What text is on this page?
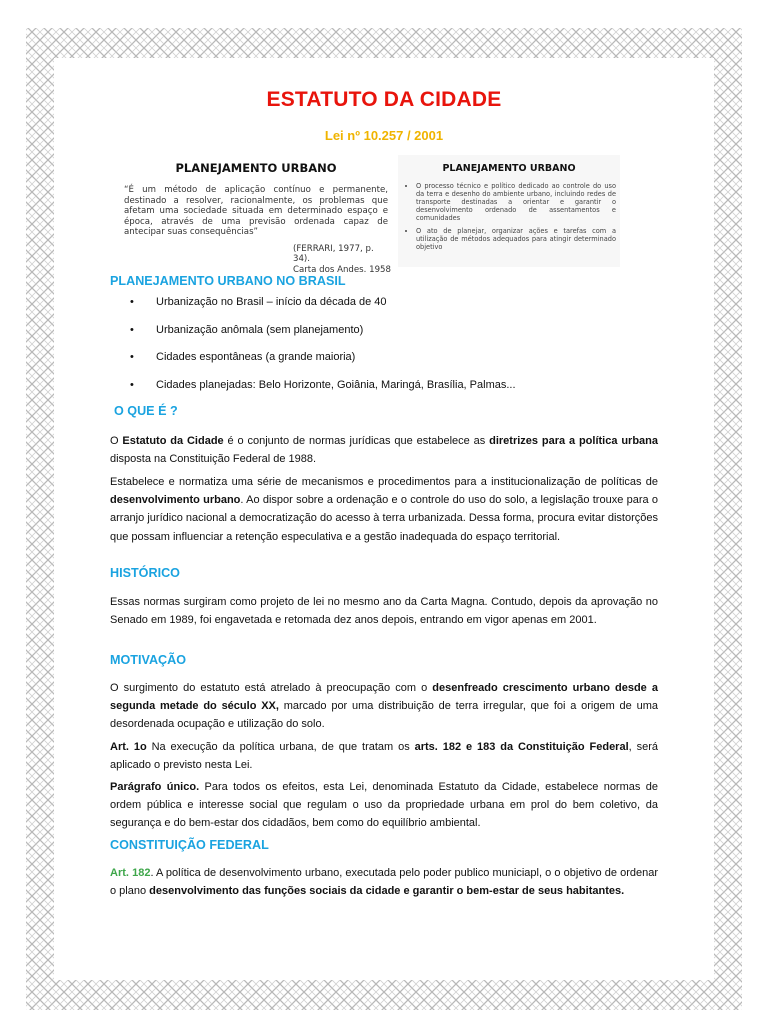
ESTATUTO DA CIDADE
Lei nº 10.257 / 2001
PLANEJAMENTO URBANO
“É um método de aplicação contínuo e permanente, destinado a resolver, racionalmente, os problemas que afetam uma sociedade situada em determinado espaço e época, através de uma previsão ordenada capaz de antecipar suas consequências”
(FERRARI, 1977, p. 34).
Carta dos Andes. 1958
PLANEJAMENTO URBANO
• O processo técnico e político dedicado ao controle do uso da terra e desenho do ambiente urbano, incluindo redes de transporte destinadas a orientar e garantir o desenvolvimento ordenado de assentamentos e comunidades
• O ato de planejar, organizar ações e tarefas com a utilização de métodos adequados para atingir determinado objetivo
PLANEJAMENTO URBANO NO BRASIL
• Urbanização no Brasil – início da década de 40
• Urbanização anômala (sem planejamento)
• Cidades espontâneas (a grande maioria)
• Cidades planejadas: Belo Horizonte, Goiânia, Maringá, Brasília, Palmas...
O QUE É ?

O Estatuto da Cidade é o conjunto de normas jurídicas que estabelece as diretrizes para a política urbana disposta na Constituição Federal de 1988.

Estabelece e normatiza uma série de mecanismos e procedimentos para a institucionalização de políticas de desenvolvimento urbano. Ao dispor sobre a ordenação e o controle do uso do solo, a legislação trouxe para o arranjo jurídico nacional a democratização do acesso à terra urbanizada. Dessa forma, procura evitar distorções que possam influenciar a retenção especulativa e a gestão inadequada do espaço territorial.

HISTÓRICO

Essas normas surgiram como projeto de lei no mesmo ano da Carta Magna. Contudo, depois da aprovação no Senado em 1989, foi engavetada e retomada dez anos depois, entrando em vigor apenas em 2001.

MOTIVAÇÃO

O surgimento do estatuto está atrelado à preocupação com o desenfreado crescimento urbano desde a segunda metade do século XX, marcado por uma distribuição de terra irregular, que foi a origem de uma desordenada ocupação e utilização do solo.

Art. 1o Na execução da política urbana, de que tratam os arts. 182 e 183 da Constituição Federal, será aplicado o previsto nesta Lei.

Parágrafo único. Para todos os efeitos, esta Lei, denominada Estatuto da Cidade, estabelece normas de ordem pública e interesse social que regulam o uso da propriedade urbana em prol do bem coletivo, da segurança e do bem-estar dos cidadãos, bem como do equilíbrio ambiental.

CONSTITUIÇÃO FEDERAL

Art. 182. A política de desenvolvimento urbano, executada pelo poder publico municiapl, o o objetivo de ordenar o plano desenvolvimento das funções sociais da cidade e garantir o bem-estar de seus habitantes.
